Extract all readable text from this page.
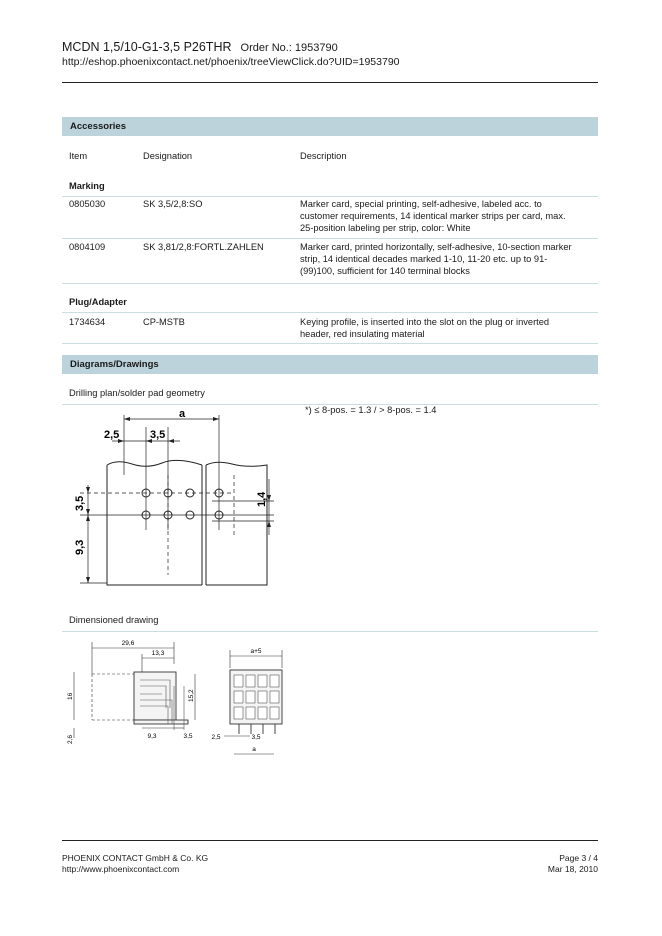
MCDN 1,5/10-G1-3,5 P26THR Order No.: 1953790
http://eshop.phoenixcontact.net/phoenix/treeViewClick.do?UID=1953790
Accessories
Item	Designation	Description
Marking
0805030	SK 3,5/2,8:SO	Marker card, special printing, self-adhesive, labeled acc. to
customer requirements, 14 identical marker strips per card, max.
25-position labeling per strip, color: White
0804109	SK 3,81/2,8:FORTL.ZAHLEN	Marker card, printed horizontally, self-adhesive, 10-section marker
strip, 14 identical decades marked 1-10, 11-20 etc. up to 91-
(99)100, sufficient for 140 terminal blocks
Plug/Adapter
1734634	CP-MSTB	Keying profile, is inserted into the slot on the plug or inverted
header, red insulating material
Diagrams/Drawings
Drilling plan/solder pad geometry
*) ≤ 8-pos. = 1.3 / > 8-pos. = 1.4
a
2,5	3,5
1,4
3,5
9,3
Dimensioned drawing
29,6
13,3
16	15,2
2,6	9,3	3,5
a+5
2,5	3,5
a
PHOENIX CONTACT GmbH & Co. KG
http://www.phoenixcontact.com
Page 3 / 4
Mar 18, 2010
